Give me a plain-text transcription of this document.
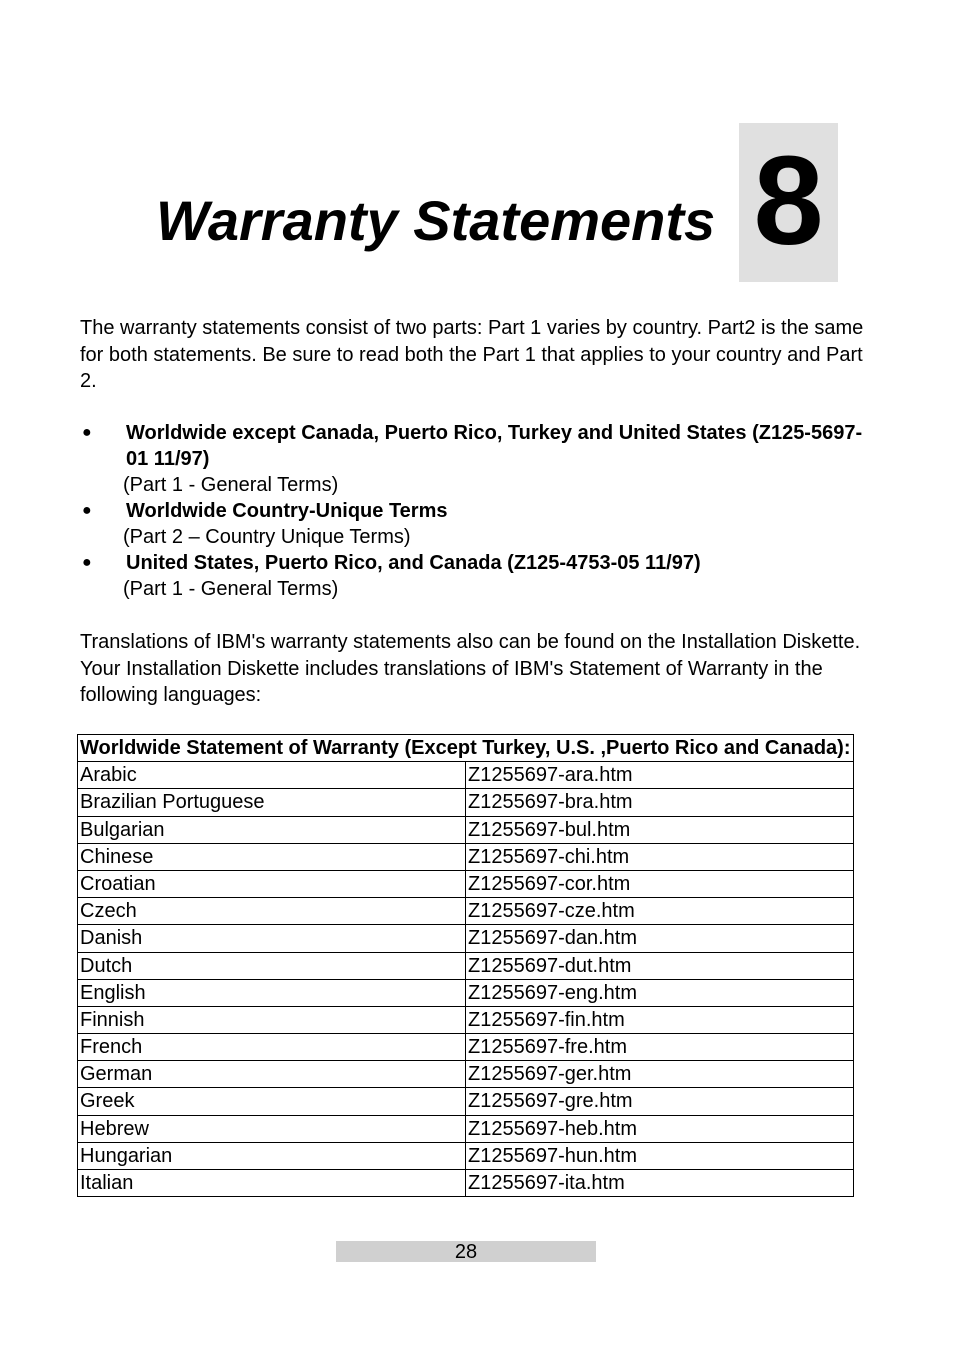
Warranty Statements 8

The warranty statements consist of two parts: Part 1 varies by country. Part2 is the same for both statements. Be sure to read both the Part 1 that applies to your country and Part 2.

● Worldwide except Canada, Puerto Rico, Turkey and United States (Z125-5697-01 11/97)
(Part 1 - General Terms)
● Worldwide Country-Unique Terms
(Part 2 – Country Unique Terms)
● United States, Puerto Rico, and Canada (Z125-4753-05 11/97)
(Part 1 - General Terms)

Translations of IBM's warranty statements also can be found on the Installation Diskette. Your Installation Diskette includes translations of IBM's Statement of Warranty in the following languages:

Worldwide Statement of Warranty (Except Turkey, U.S. ,Puerto Rico and Canada):	
Arabic	Z1255697-ara.htm
Brazilian Portuguese	Z1255697-bra.htm
Bulgarian	Z1255697-bul.htm
Chinese	Z1255697-chi.htm
Croatian	Z1255697-cor.htm
Czech	Z1255697-cze.htm
Danish	Z1255697-dan.htm
Dutch	Z1255697-dut.htm
English	Z1255697-eng.htm
Finnish	Z1255697-fin.htm
French	Z1255697-fre.htm
German	Z1255697-ger.htm
Greek	Z1255697-gre.htm
Hebrew	Z1255697-heb.htm
Hungarian	Z1255697-hun.htm
Italian	Z1255697-ita.htm
28
